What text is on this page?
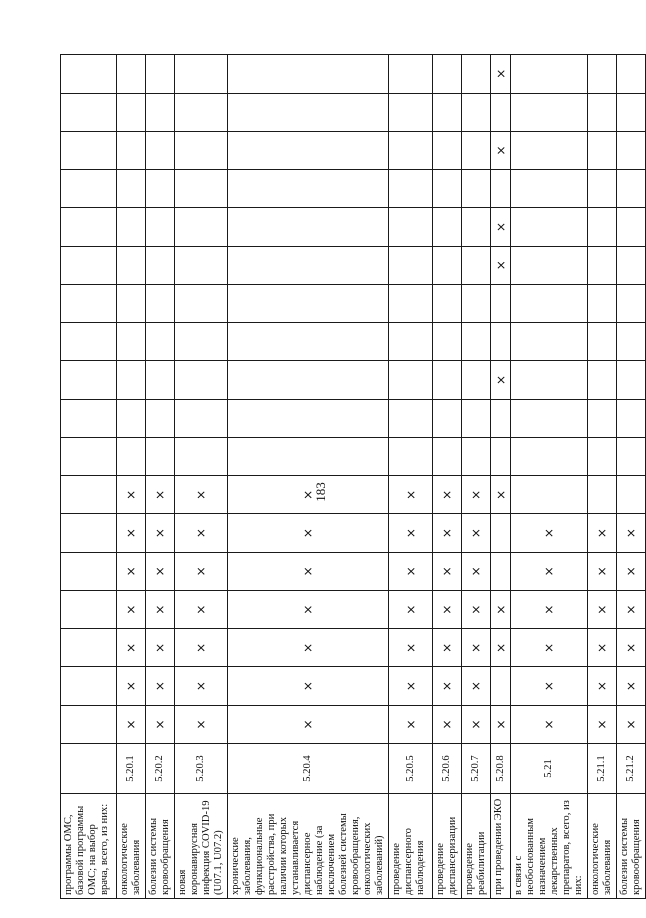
183
программы ОМС, базовой программы ОМС; на выбор врача, всего, из них:																			
онкологические заболевания	5.20.1	×	×	×	×	×	×	×											
болезни системы кровообращения	5.20.2	×	×	×	×	×	×	×											
новая коронавирусная инфекция COVID-19 (U07.1, U07.2)	5.20.3	×	×	×	×	×	×	×											
хронические заболевания, функциональные расстройства, при наличии которых устанавливается диспансерное наблюдение (за исключением болезней системы кровообращения, онкологических заболеваний)	5.20.4	×	×	×	×	×	×	×											
проведение диспансерного наблюдения	5.20.5	×	×	×	×	×	×	×											
проведение диспансеризации	5.20.6	×	×	×	×	×	×	×											
проведение реабилитации	5.20.7	×	×	×	×	×	×	×											
при проведении ЭКО	5.20.8	×		×	×			×			×			×	×		×		×
в связи с необоснованным назначением лекарственных препаратов, всего, из них:	5.21	×	×	×	×	×	×												
онкологические заболевания	5.21.1	×	×	×	×	×	×												
болезни системы кровообращения	5.21.2	×	×	×	×	×	×												
